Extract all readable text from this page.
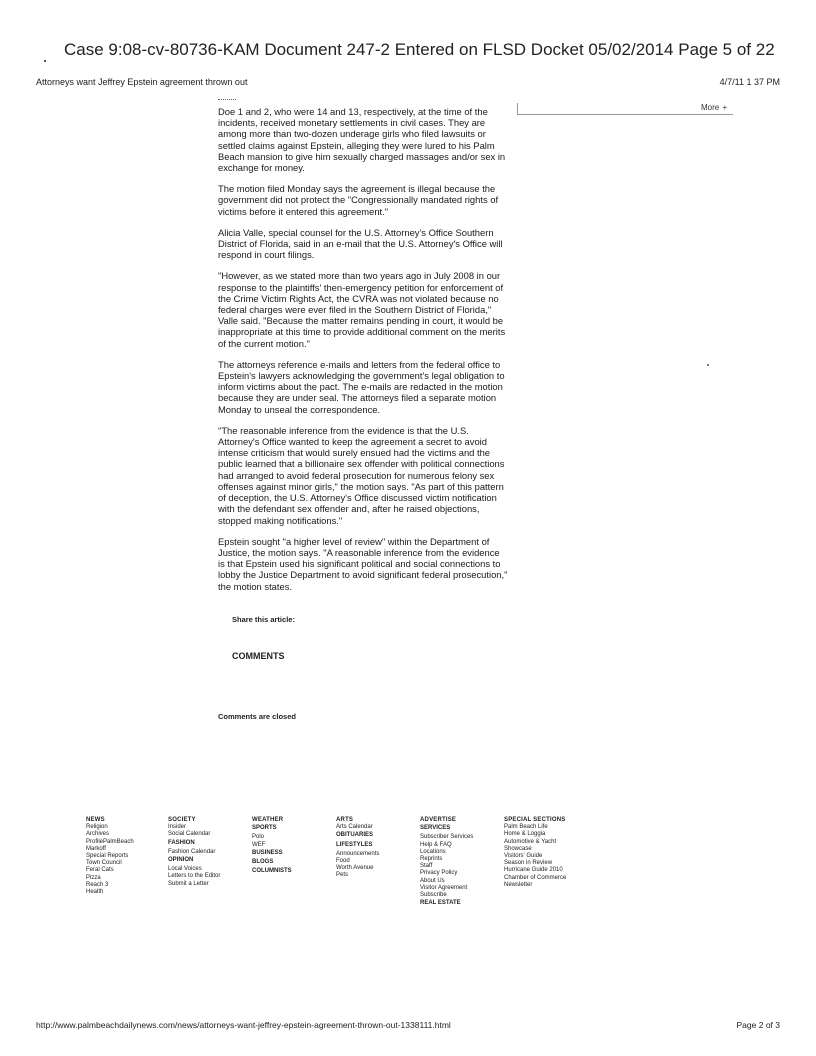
Case 9:08-cv-80736-KAM Document 247-2 Entered on FLSD Docket 05/02/2014 Page 5 of 22
Attorneys want Jeffrey Epstein agreement thrown out	4/7/11 1 37 PM
More +

Doe 1 and 2, who were 14 and 13, respectively, at the time of the incidents, received monetary settlements in civil cases. They are among more than two-dozen underage girls who filed lawsuits or settled claims against Epstein, alleging they were lured to his Palm Beach mansion to give him sexually charged massages and/or sex in exchange for money.

The motion filed Monday says the agreement is illegal because the government did not protect the "Congressionally mandated rights of victims before it entered this agreement."

Alicia Valle, special counsel for the U.S. Attorney's Office Southern District of Florida, said in an e-mail that the U.S. Attorney's Office will respond in court filings.

"However, as we stated more than two years ago in July 2008 in our response to the plaintiffs' then-emergency petition for enforcement of the Crime Victim Rights Act, the CVRA was not violated because no federal charges were ever filed in the Southern District of Florida," Valle said. "Because the matter remains pending in court, it would be inappropriate at this time to provide additional comment on the merits of the current motion."

The attorneys reference e-mails and letters from the federal office to Epstein's lawyers acknowledging the government's legal obligation to inform victims about the pact. The e-mails are redacted in the motion because they are under seal. The attorneys filed a separate motion Monday to unseal the correspondence.

"The reasonable inference from the evidence is that the U.S. Attorney's Office wanted to keep the agreement a secret to avoid intense criticism that would surely ensued had the victims and the public learned that a billionaire sex offender with political connections had arranged to avoid federal prosecution for numerous felony sex offenses against minor girls," the motion says. "As part of this pattern of deception, the U.S. Attorney's Office discussed victim notification with the defendant sex offender and, after he raised objections, stopped making notifications."

Epstein sought "a higher level of review" within the Department of Justice, the motion says. "A reasonable inference from the evidence is that Epstein used his significant political and social connections to lobby the Justice Department to avoid significant federal prosecution," the motion states.

Share this article:
COMMENTS
Comments are closed
NEWS
Religion
Archives
ProfilePalmBeach
Markoff
Special Reports
Town Council
Feral Cats
Pizza
Reach 3
Health
SOCIETY
Insider
Social Calendar
FASHION
Fashion Calendar
OPINION
Local Voices
Letters to the Editor
Submit a Letter
WEATHER
SPORTS
Polo
WEF
BUSINESS
BLOGS
COLUMNISTS
ARTS
Arts Calendar
OBITUARIES
LIFESTYLES
Announcements
Food
Worth Avenue
Pets
ADVERTISE
SERVICES
Subscriber Services
Help & FAQ
Locations
Reprints
Staff
Privacy Policy
About Us
Visitor Agreement
Subscribe
REAL ESTATE
SPECIAL SECTIONS
Palm Beach Life
Home & Loggia
Automotive & Yacht
Showcase
Visitors' Guide
Season in Review
Hurricane Guide 2010
Chamber of Commerce
Newsletter
http://www.palmbeachdailynews.com/news/attorneys-want-jeffrey-epstein-agreement-thrown-out-1338111.html	Page 2 of 3
